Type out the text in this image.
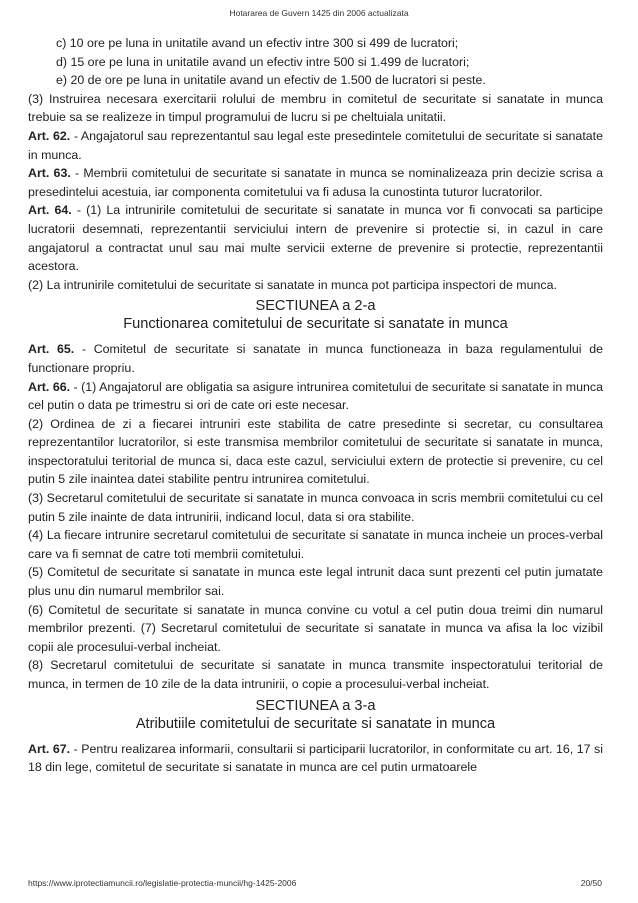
Hotararea de Guvern 1425 din 2006 actualizata

c) 10 ore pe luna in unitatile avand un efectiv intre 300 si 499 de lucratori;

d) 15 ore pe luna in unitatile avand un efectiv intre 500 si 1.499 de lucratori;

e) 20 de ore pe luna in unitatile avand un efectiv de 1.500 de lucratori si peste.

(3) Instruirea necesara exercitarii rolului de membru in comitetul de securitate si sanatate in munca trebuie sa se realizeze in timpul programului de lucru si pe cheltuiala unitatii.

Art. 62. - Angajatorul sau reprezentantul sau legal este presedintele comitetului de securitate si sanatate in munca.

Art. 63. - Membrii comitetului de securitate si sanatate in munca se nominalizeaza prin decizie scrisa a presedintelui acestuia, iar componenta comitetului va fi adusa la cunostinta tuturor lucratorilor.

Art. 64. - (1) La intrunirile comitetului de securitate si sanatate in munca vor fi convocati sa participe lucratorii desemnati, reprezentantii serviciului intern de prevenire si protectie si, in cazul in care angajatorul a contractat unul sau mai multe servicii externe de prevenire si protectie, reprezentantii acestora.

(2) La intrunirile comitetului de securitate si sanatate in munca pot participa inspectori de munca.

SECTIUNEA a 2-a

Functionarea comitetului de securitate si sanatate in munca

Art. 65. - Comitetul de securitate si sanatate in munca functioneaza in baza regulamentului de functionare propriu.

Art. 66. - (1) Angajatorul are obligatia sa asigure intrunirea comitetului de securitate si sanatate in munca cel putin o data pe trimestru si ori de cate ori este necesar.

(2) Ordinea de zi a fiecarei intruniri este stabilita de catre presedinte si secretar, cu consultarea reprezentantilor lucratorilor, si este transmisa membrilor comitetului de securitate si sanatate in munca, inspectoratului teritorial de munca si, daca este cazul, serviciului extern de protectie si prevenire, cu cel putin 5 zile inaintea datei stabilite pentru intrunirea comitetului.

(3) Secretarul comitetului de securitate si sanatate in munca convoaca in scris membrii comitetului cu cel putin 5 zile inainte de data intrunirii, indicand locul, data si ora stabilite.

(4) La fiecare intrunire secretarul comitetului de securitate si sanatate in munca incheie un proces-verbal care va fi semnat de catre toti membrii comitetului.

(5) Comitetul de securitate si sanatate in munca este legal intrunit daca sunt prezenti cel putin jumatate plus unu din numarul membrilor sai.

(6) Comitetul de securitate si sanatate in munca convine cu votul a cel putin doua treimi din numarul membrilor prezenti. (7) Secretarul comitetului de securitate si sanatate in munca va afisa la loc vizibil copii ale procesului-verbal incheiat.

(8) Secretarul comitetului de securitate si sanatate in munca transmite inspectoratului teritorial de munca, in termen de 10 zile de la data intrunirii, o copie a procesului-verbal incheiat.

SECTIUNEA a 3-a

Atributiile comitetului de securitate si sanatate in munca

Art. 67. - Pentru realizarea informarii, consultarii si participarii lucratorilor, in conformitate cu art. 16, 17 si 18 din lege, comitetul de securitate si sanatate in munca are cel putin urmatoarele

https://www.iprotectiamuncii.ro/legislatie-protectia-muncii/hg-1425-2006	20/50
